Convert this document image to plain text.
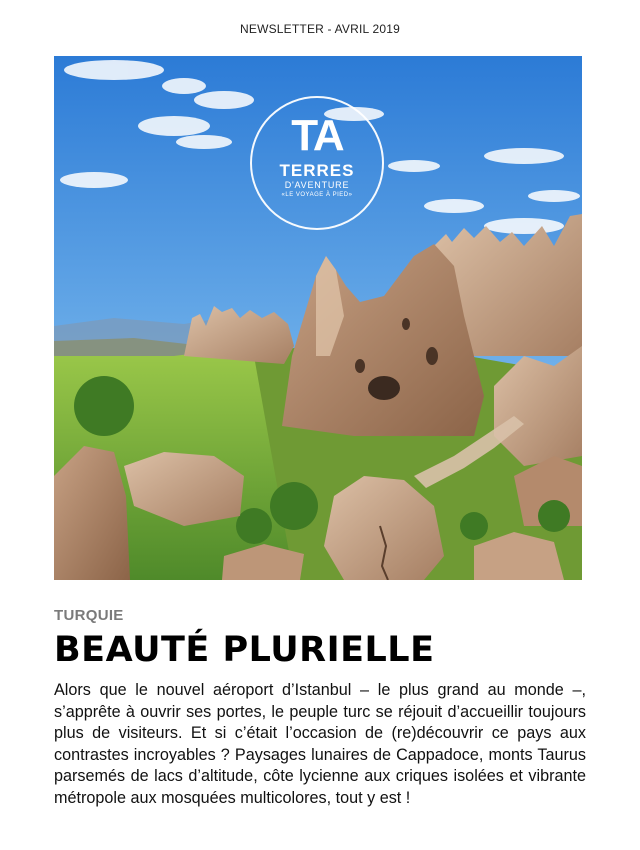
NEWSLETTER - AVRIL 2019
TA
TERRES
D'AVENTURE
«LE VOYAGE À PIED»
TURQUIE
BEAUTÉ PLURIELLE

Alors que le nouvel aéroport d’Istanbul – le plus grand au monde –, s’apprête à ouvrir ses portes, le peuple turc se réjouit d’accueillir toujours plus de visiteurs. Et si c’était l’occasion de (re)découvrir ce pays aux contrastes incroyables ? Paysages lunaires de Cappadoce, monts Taurus parsemés de lacs d’altitude, côte lycienne aux criques isolées et vibrante métropole aux mosquées multicolores, tout y est !
